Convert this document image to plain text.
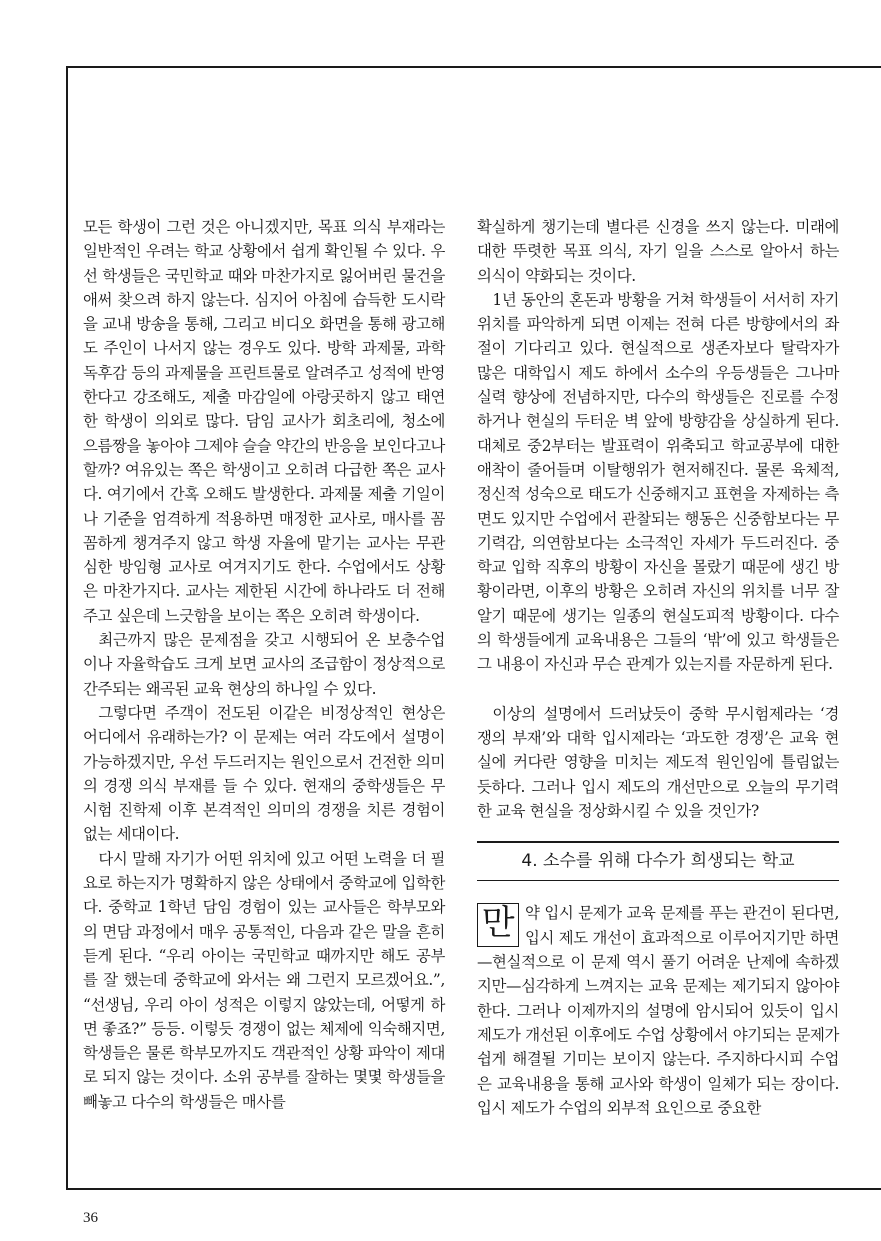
모든 학생이 그런 것은 아니겠지만, 목표 의식 부재라는 일반적인 우려는 학교 상황에서 쉽게 확인될 수 있다. 우선 학생들은 국민학교 때와 마찬가지로 잃어버린 물건을 애써 찾으려 하지 않는다. 심지어 아침에 습득한 도시락을 교내 방송을 통해, 그리고 비디오 화면을 통해 광고해도 주인이 나서지 않는 경우도 있다. 방학 과제물, 과학 독후감 등의 과제물을 프린트물로 알려주고 성적에 반영한다고 강조해도, 제출 마감일에 아랑곳하지 않고 태연한 학생이 의외로 많다. 담임 교사가 회초리에, 청소에 으름짱을 놓아야 그제야 슬슬 약간의 반응을 보인다고나 할까? 여유있는 쪽은 학생이고 오히려 다급한 쪽은 교사다. 여기에서 간혹 오해도 발생한다. 과제물 제출 기일이나 기준을 엄격하게 적용하면 매정한 교사로, 매사를 꼼꼼하게 챙겨주지 않고 학생 자율에 맡기는 교사는 무관심한 방임형 교사로 여겨지기도 한다. 수업에서도 상황은 마찬가지다. 교사는 제한된 시간에 하나라도 더 전해주고 싶은데 느긋함을 보이는 쪽은 오히려 학생이다.

최근까지 많은 문제점을 갖고 시행되어 온 보충수업이나 자율학습도 크게 보면 교사의 조급함이 정상적으로 간주되는 왜곡된 교육 현상의 하나일 수 있다.

그렇다면 주객이 전도된 이같은 비정상적인 현상은 어디에서 유래하는가? 이 문제는 여러 각도에서 설명이 가능하겠지만, 우선 두드러지는 원인으로서 건전한 의미의 경쟁 의식 부재를 들 수 있다. 현재의 중학생들은 무시험 진학제 이후 본격적인 의미의 경쟁을 치른 경험이 없는 세대이다.

다시 말해 자기가 어떤 위치에 있고 어떤 노력을 더 필요로 하는지가 명확하지 않은 상태에서 중학교에 입학한다. 중학교 1학년 담임 경험이 있는 교사들은 학부모와의 면담 과정에서 매우 공통적인, 다음과 같은 말을 흔히 듣게 된다. “우리 아이는 국민학교 때까지만 해도 공부를 잘 했는데 중학교에 와서는 왜 그런지 모르겠어요.”, “선생님, 우리 아이 성적은 이렇지 않았는데, 어떻게 하면 좋죠?” 등등. 이렇듯 경쟁이 없는 체제에 익숙해지면, 학생들은 물론 학부모까지도 객관적인 상황 파악이 제대로 되지 않는 것이다. 소위 공부를 잘하는 몇몇 학생들을 빼놓고 다수의 학생들은 매사를

확실하게 챙기는데 별다른 신경을 쓰지 않는다. 미래에 대한 뚜렷한 목표 의식, 자기 일을 스스로 알아서 하는 의식이 약화되는 것이다.

1년 동안의 혼돈과 방황을 거쳐 학생들이 서서히 자기 위치를 파악하게 되면 이제는 전혀 다른 방향에서의 좌절이 기다리고 있다. 현실적으로 생존자보다 탈락자가 많은 대학입시 제도 하에서 소수의 우등생들은 그나마 실력 향상에 전념하지만, 다수의 학생들은 진로를 수정하거나 현실의 두터운 벽 앞에 방향감을 상실하게 된다. 대체로 중2부터는 발표력이 위축되고 학교공부에 대한 애착이 줄어들며 이탈행위가 현저해진다. 물론 육체적, 정신적 성숙으로 태도가 신중해지고 표현을 자제하는 측면도 있지만 수업에서 관찰되는 행동은 신중함보다는 무기력감, 의연함보다는 소극적인 자세가 두드러진다. 중학교 입학 직후의 방황이 자신을 몰랐기 때문에 생긴 방황이라면, 이후의 방황은 오히려 자신의 위치를 너무 잘 알기 때문에 생기는 일종의 현실도피적 방황이다. 다수의 학생들에게 교육내용은 그들의 ‘밖’에 있고 학생들은 그 내용이 자신과 무슨 관계가 있는지를 자문하게 된다.

이상의 설명에서 드러났듯이 중학 무시험제라는 ‘경쟁의 부재’와 대학 입시제라는 ‘과도한 경쟁’은 교육 현실에 커다란 영향을 미치는 제도적 원인임에 틀림없는 듯하다. 그러나 입시 제도의 개선만으로 오늘의 무기력한 교육 현실을 정상화시킬 수 있을 것인가?

4. 소수를 위해 다수가 희생되는 학교

만 약 입시 문제가 교육 문제를 푸는 관건이 된다면, 입시 제도 개선이 효과적으로 이루어지기만 하면—현실적으로 이 문제 역시 풀기 어려운 난제에 속하겠지만—심각하게 느껴지는 교육 문제는 제기되지 않아야 한다. 그러나 이제까지의 설명에 암시되어 있듯이 입시 제도가 개선된 이후에도 수업 상황에서 야기되는 문제가 쉽게 해결될 기미는 보이지 않는다. 주지하다시피 수업은 교육내용을 통해 교사와 학생이 일체가 되는 장이다. 입시 제도가 수업의 외부적 요인으로 중요한

36
